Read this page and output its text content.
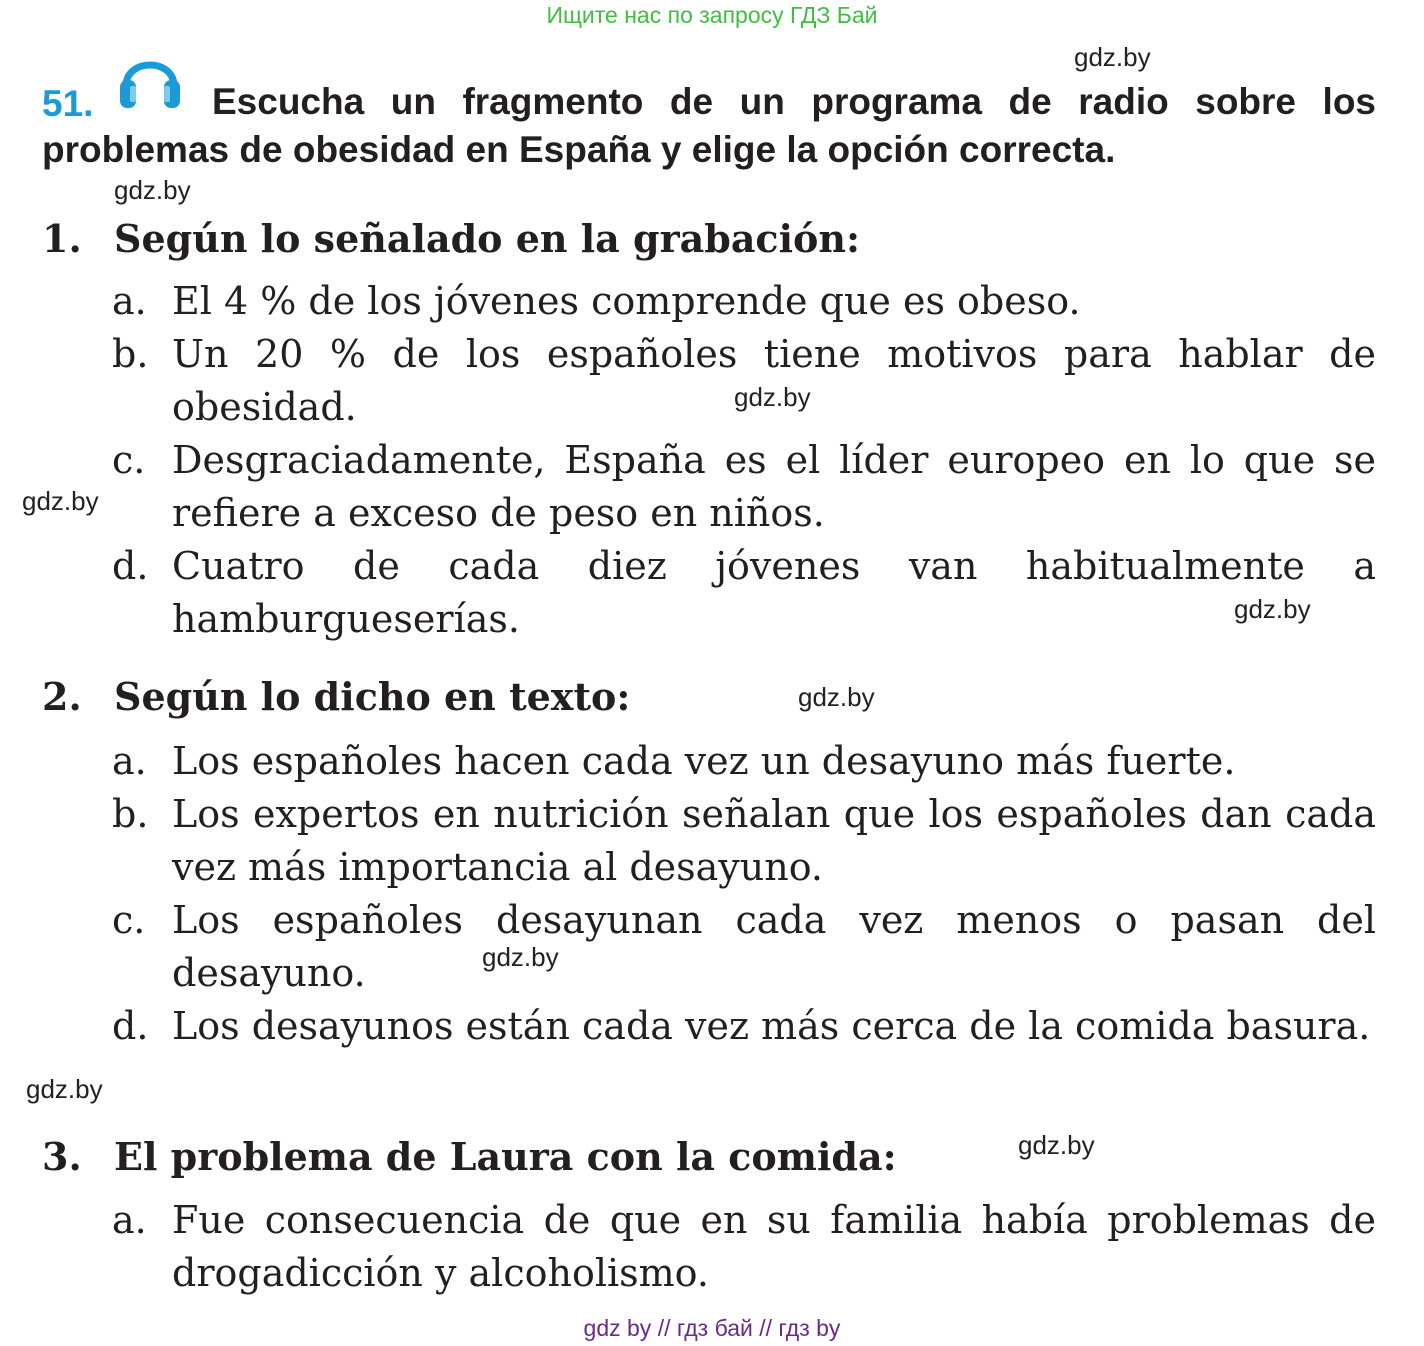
Ищите нас по запросу ГДЗ Бай
gdz.by
Escucha un fragmento de un programa de radio sobre los problemas de obesidad en España y elige la opción correcta.
51.
gdz.by
1. Según lo señalado en la grabación:
a. El 4 % de los jóvenes comprende que es obeso.
b. Un 20 % de los españoles tiene motivos para hablar de obesidad.	gdz.by
c. Desgraciadamente, España es el líder europeo en lo que se refiere a exceso de peso en niños.
gdz.by
d. Cuatro de cada diez jóvenes van habitualmente a hamburgueserías.	gdz.by
2. Según lo dicho en texto:	gdz.by
a. Los españoles hacen cada vez un desayuno más fuerte.
b. Los expertos en nutrición señalan que los españoles dan cada vez más importancia al desayuno.
c. Los españoles desayunan cada vez menos o pasan del desayuno.	gdz.by
d. Los desayunos están cada vez más cerca de la comida basura.
gdz.by
3. El problema de Laura con la comida:	gdz.by
a. Fue consecuencia de que en su familia había problemas de drogadicción y alcoholismo.
gdz by // гдз бай // гдз by
